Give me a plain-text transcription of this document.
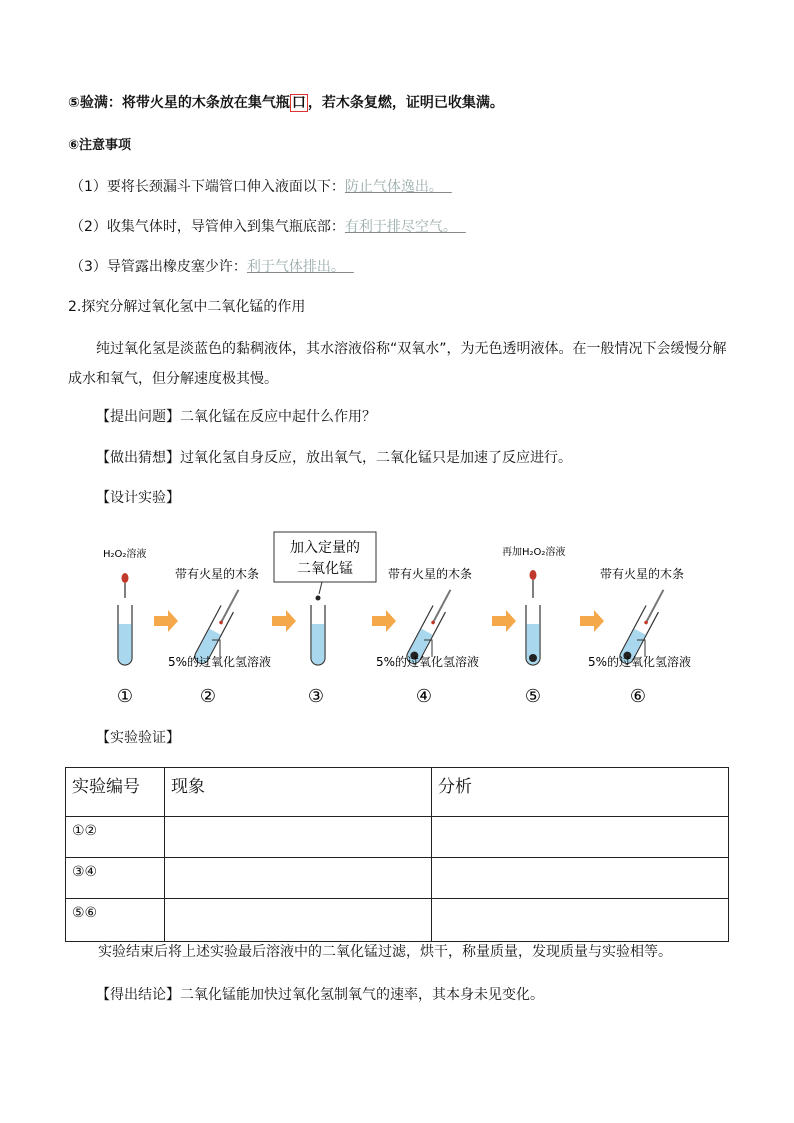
⑤验满：将带火星的木条放在集气瓶 口 ，若木条复燃，证明已收集满。
⑥注意事项
（1）要将长颈漏斗下端管口伸入液面以下：防止气体逸出。
（2）收集气体时，导管伸入到集气瓶底部：有利于排尽空气。
（3）导管露出橡皮塞少许：利于气体排出。
2.探究分解过氧化氢中二氧化锰的作用
纯过氧化氢是淡蓝色的黏稠液体，其水溶液俗称“双氧水”，为无色透明液体。在一般情况下会缓慢分解成水和氧气，但分解速度极其慢。
【提出问题】二氧化锰在反应中起什么作用？
【做出猜想】过氧化氢自身反应，放出氧气，二氧化锰只是加速了反应进行。
【设计实验】
H₂O₂溶液
带有火星的木条
5%的过氧化氢溶液
加入定量的
二氧化锰	带有火星的木条
5%的过氧化氢溶液
再加H₂O₂溶液
带有火星的木条
5%的过氧化氢溶液
①	②	③	④	⑤	⑥
【实验验证】
实验编号	现象	分析
①②		
③④		
⑤⑥		
实验结束后将上述实验最后溶液中的二氧化锰过滤，烘干，称量质量，发现质量与实验相等。
【得出结论】二氧化锰能加快过氧化氢制氧气的速率，其本身未见变化。
